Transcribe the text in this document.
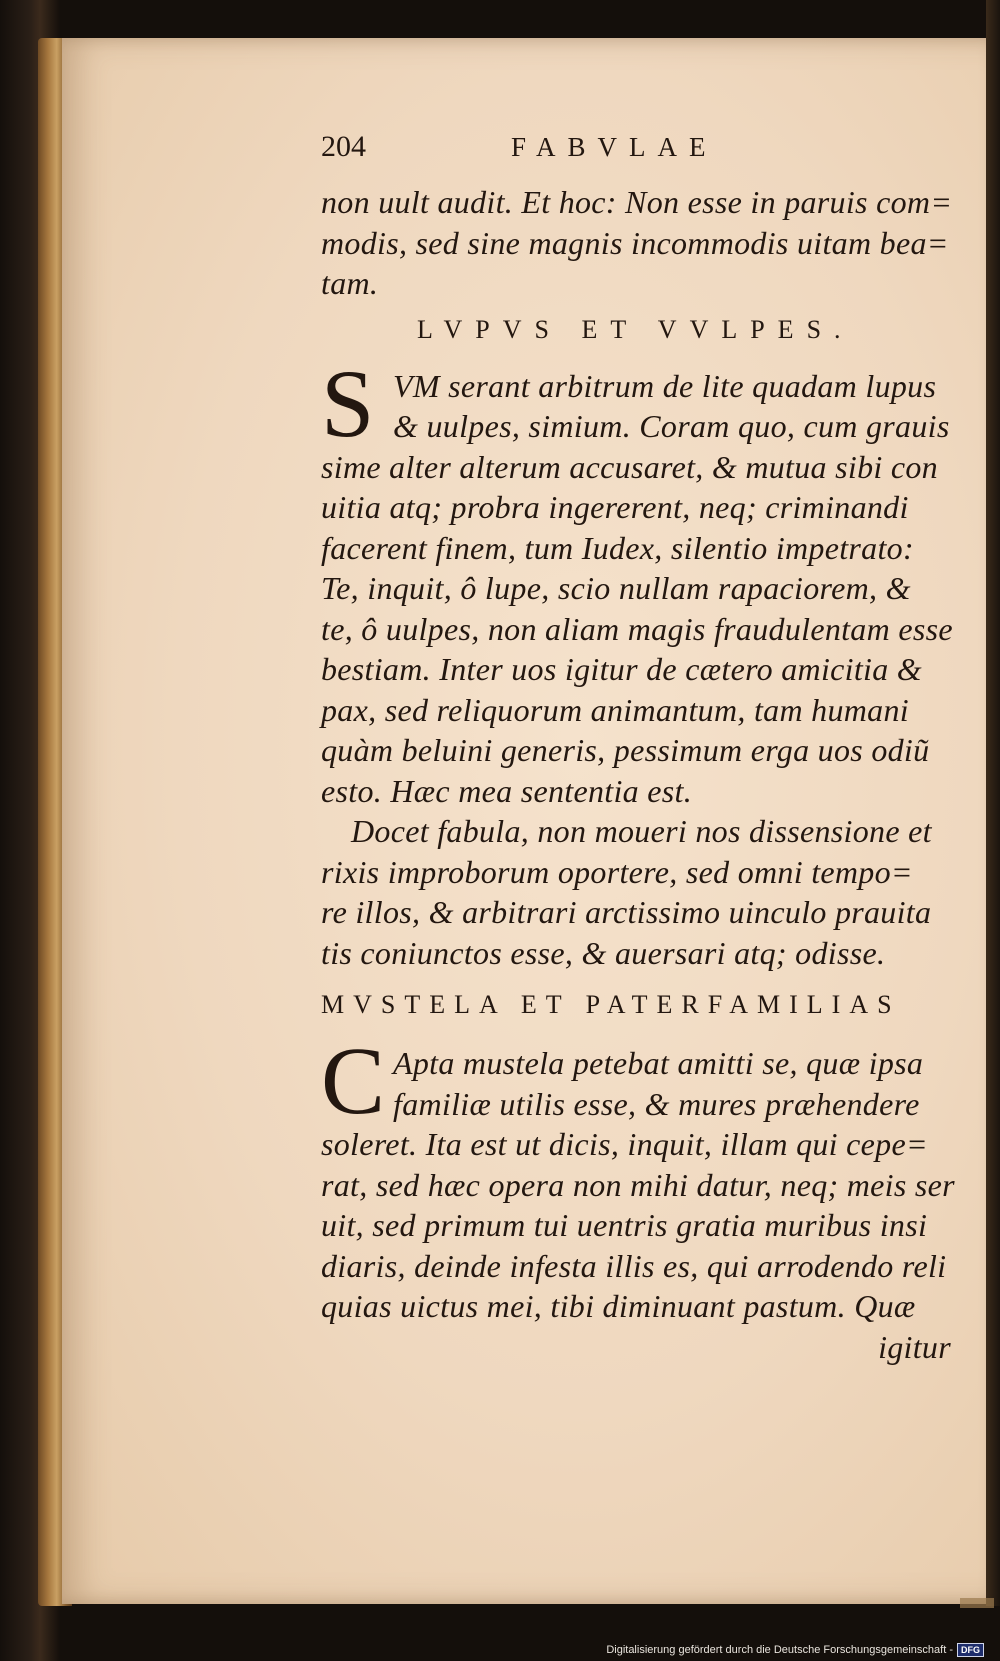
204	FABVLAE
non uult audit. Et hoc: Non esse in paruis com=
modis, sed sine magnis incommodis uitam bea=
tam.
LVPVS ET VVLPES.
S VM serant arbitrum de lite quadam lupus
& uulpes, simium. Coram quo, cum grauis
sime alter alterum accusaret, & mutua sibi con
uitia atq; probra ingererent, neq; criminandi
facerent finem, tum Iudex, silentio impetrato:
Te, inquit, ô lupe, scio nullam rapaciorem, &
te, ô uulpes, non aliam magis fraudulentam esse
bestiam. Inter uos igitur de cætero amicitia &
pax, sed reliquorum animantum, tam humani
quàm beluini generis, pessimum erga uos odiũ
esto. Hæc mea sententia est.
Docet fabula, non moueri nos dissensione et
rixis improborum oportere, sed omni tempo=
re illos, & arbitrari arctissimo uinculo prauita
tis coniunctos esse, & auersari atq; odisse.
MVSTELA ET PATERFAMILIAS
C Apta mustela petebat amitti se, quæ ipsa
familiæ utilis esse, & mures præhendere
soleret. Ita est ut dicis, inquit, illam qui cepe=
rat, sed hæc opera non mihi datur, neq; meis ser
uit, sed primum tui uentris gratia muribus insi
diaris, deinde infesta illis es, qui arrodendo reli
quias uictus mei, tibi diminuant pastum. Quæ
igitur
Digitalisierung gefördert durch die Deutsche Forschungsgemeinschaft - DFG
